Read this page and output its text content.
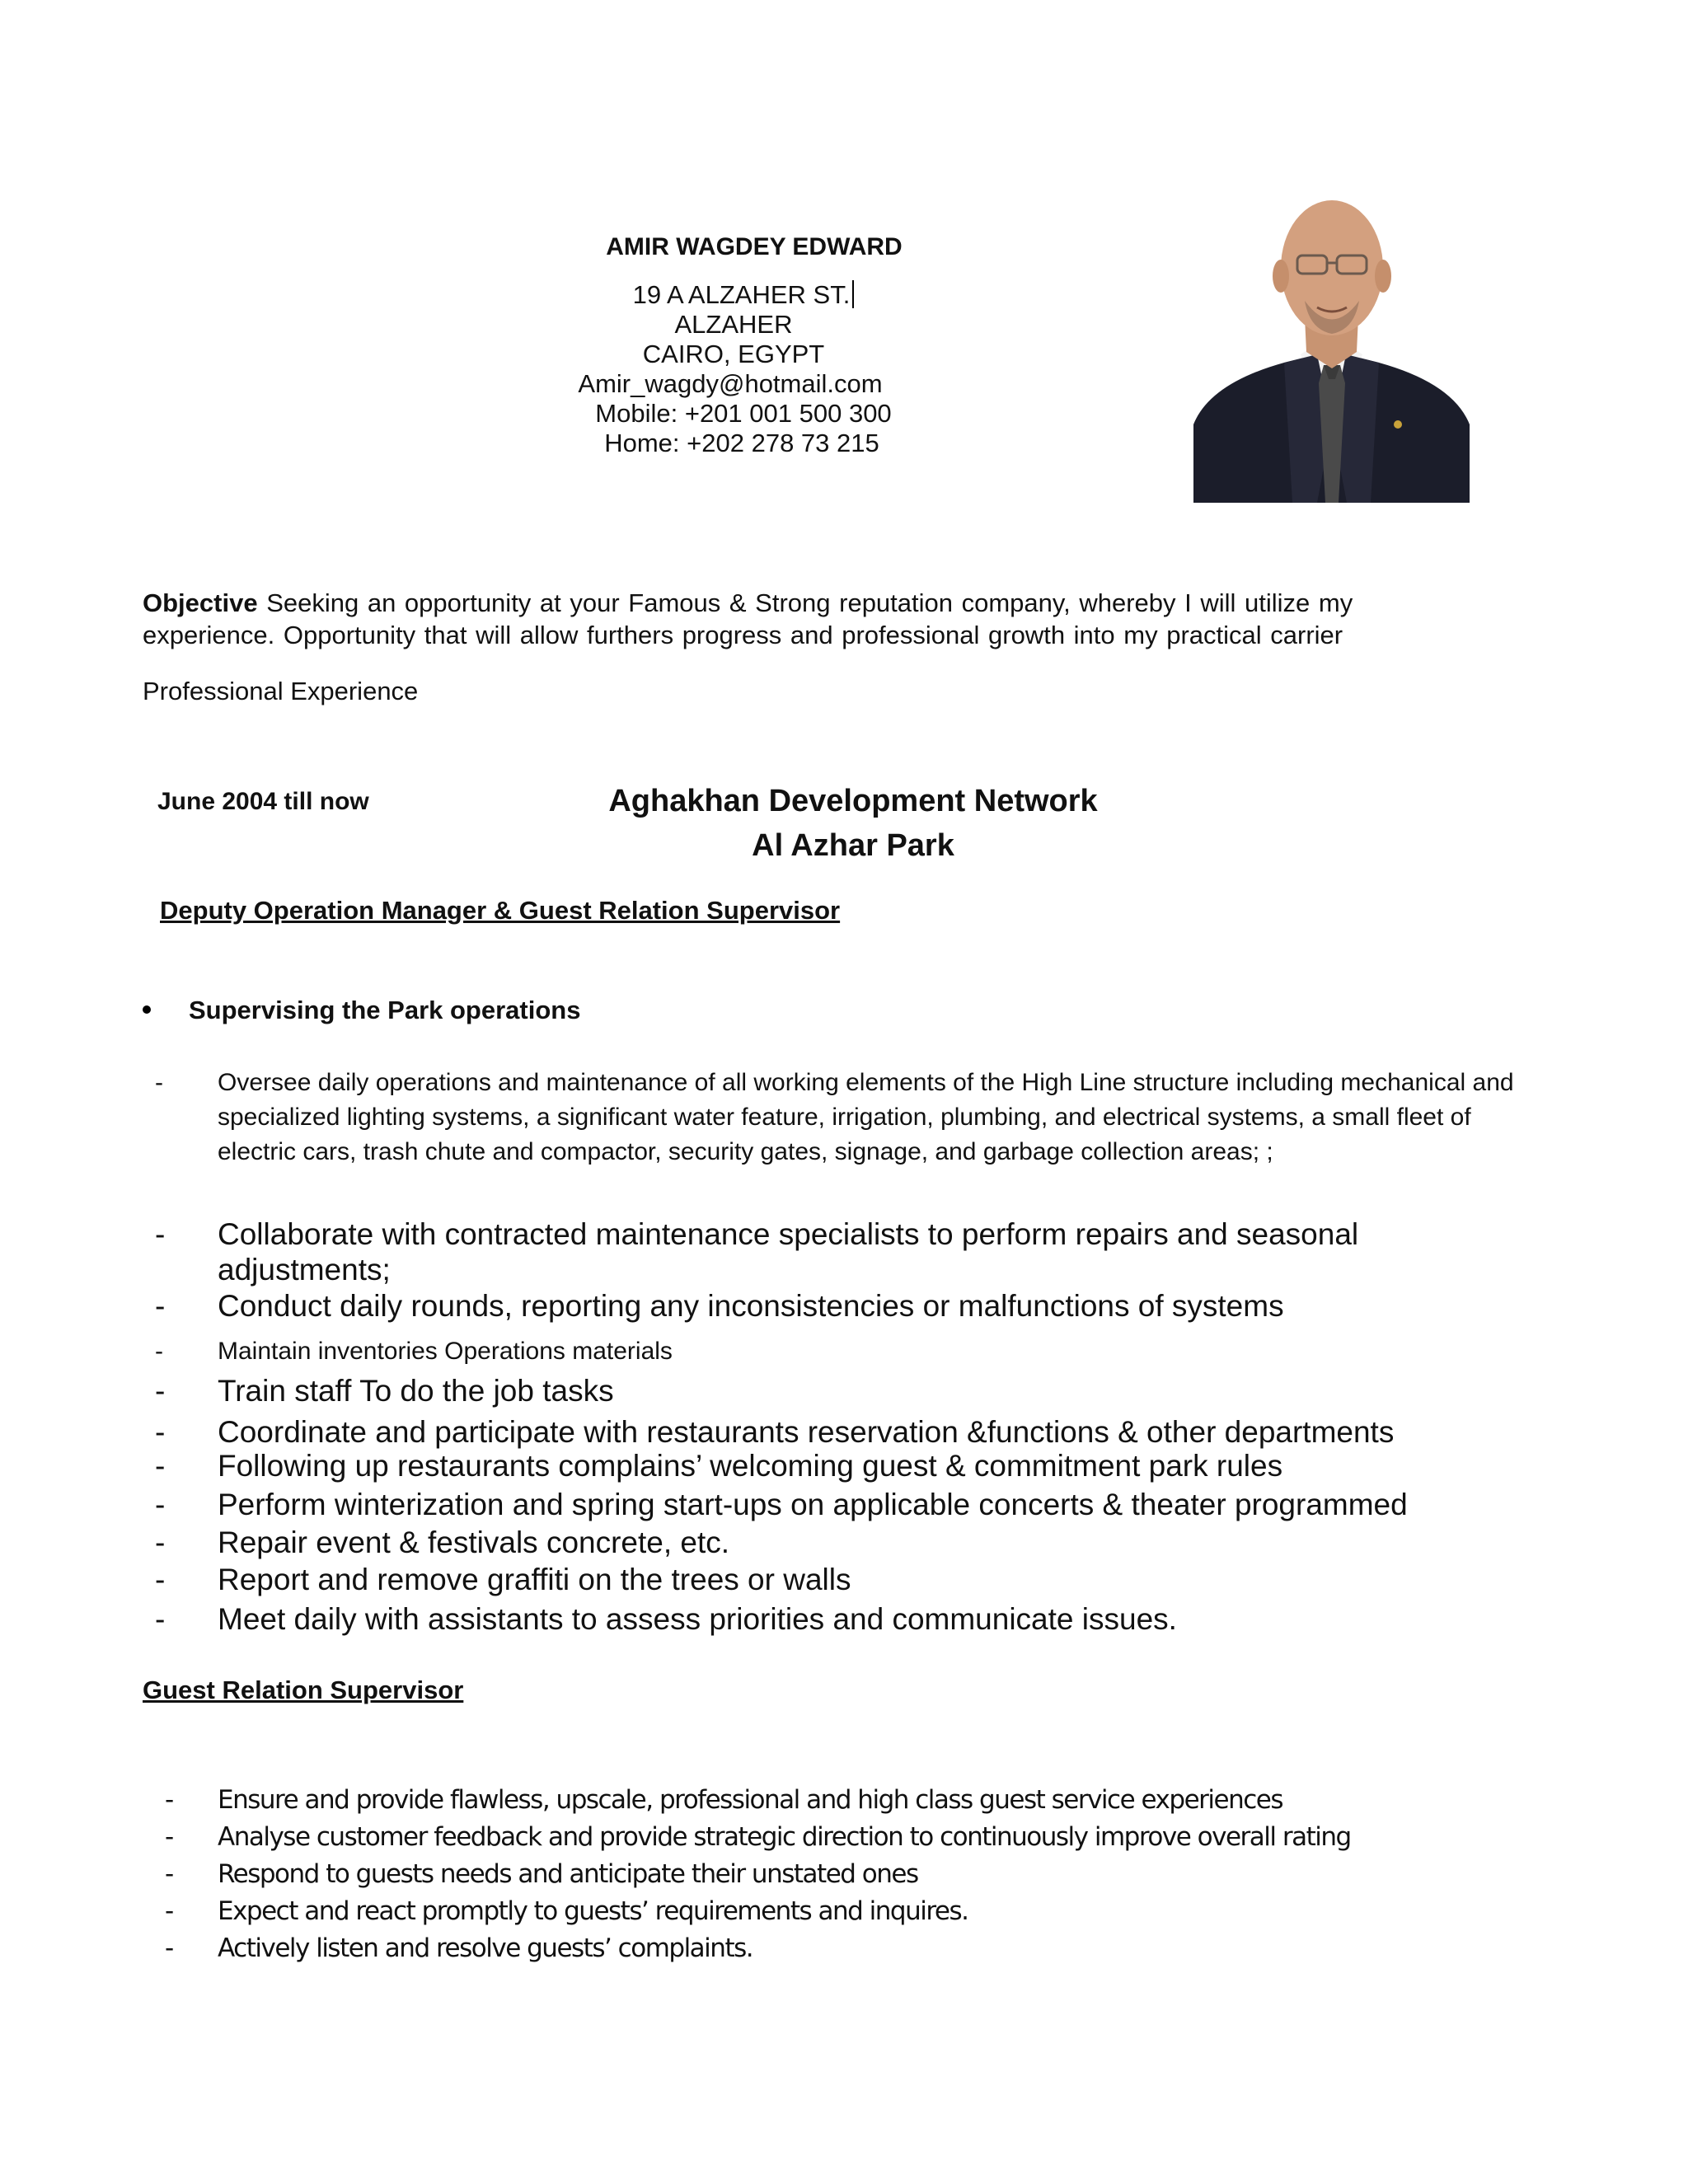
AMIR WAGDEY EDWARD
19 A ALZAHER ST.
ALZAHER
CAIRO, EGYPT
Amir_wagdy@hotmail.com
Mobile: +201 001 500 300
Home: +202 278 73 215
Objective Seeking an opportunity at your Famous & Strong reputation company, whereby I will utilize my experience. Opportunity that will allow furthers progress and professional growth into my practical carrier
Professional Experience
June 2004 till now	Aghakhan Development Network
Al Azhar Park
Deputy Operation Manager & Guest Relation Supervisor
Supervising the Park operations
- Oversee daily operations and maintenance of all working elements of the High Line structure including mechanical and specialized lighting systems, a significant water feature, irrigation, plumbing, and electrical systems, a small fleet of electric cars, trash chute and compactor, security gates, signage, and garbage collection areas; ;
- Collaborate with contracted maintenance specialists to perform repairs and seasonal adjustments;
- Conduct daily rounds, reporting any inconsistencies or malfunctions of systems
- Maintain inventories Operations materials
- Train staff To do the job tasks
- Coordinate and participate with restaurants reservation &functions & other departments
- Following up restaurants complains’ welcoming guest & commitment park rules
- Perform winterization and spring start-ups on applicable concerts & theater programmed
- Repair event & festivals concrete, etc.
- Report and remove graffiti on the trees or walls
- Meet daily with assistants to assess priorities and communicate issues.
Guest Relation Supervisor
- Ensure and provide flawless, upscale, professional and high class guest service experiences
- Analyse customer feedback and provide strategic direction to continuously improve overall rating
- Respond to guests needs and anticipate their unstated ones
- Expect and react promptly to guests’ requirements and inquires.
- Actively listen and resolve guests’ complaints.
